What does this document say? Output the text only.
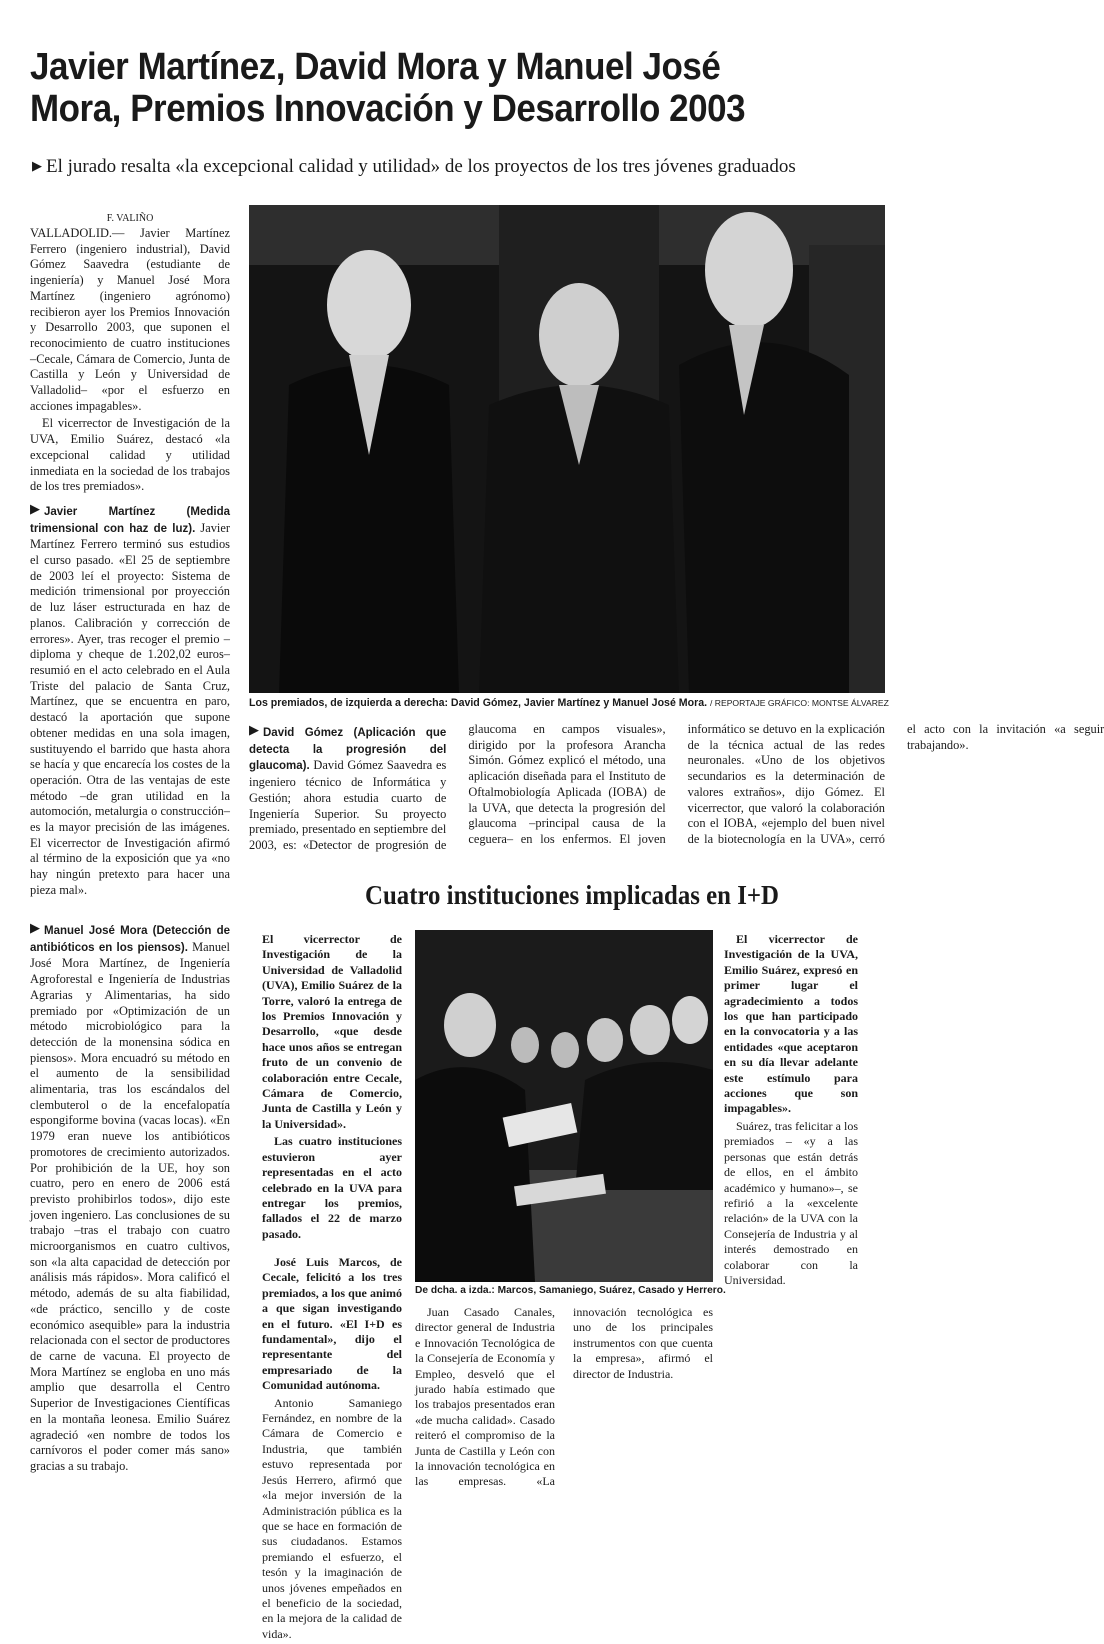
Javier Martínez, David Mora y Manuel José
Mora, Premios Innovación y Desarrollo 2003
▶ El jurado resalta «la excepcional calidad y utilidad» de los proyectos de los tres jóvenes graduados
F. VALIÑO

VALLADOLID.— Javier Martínez Ferrero (ingeniero industrial), David Gómez Saavedra (estudiante de ingeniería) y Manuel José Mora Martínez (ingeniero agrónomo) recibieron ayer los Premios Innovación y Desarrollo 2003, que suponen el reconocimiento de cuatro instituciones –Cecale, Cámara de Comercio, Junta de Castilla y León y Universidad de Valladolid– «por el esfuerzo en acciones impagables».

El vicerrector de Investigación de la UVA, Emilio Suárez, destacó «la excepcional calidad y utilidad inmediata en la sociedad de los trabajos de los tres premiados».

▶ Javier Martínez (Medida trimensional con haz de luz). Javier Martínez Ferrero terminó sus estudios el curso pasado. «El 25 de septiembre de 2003 leí el proyecto: Sistema de medición trimensional por proyección de luz láser estructurada en haz de planos. Calibración y corrección de errores». Ayer, tras recoger el premio –diploma y cheque de 1.202,02 euros– resumió en el acto celebrado en el Aula Triste del palacio de Santa Cruz, Martínez, que se encuentra en paro, destacó la aportación que supone obtener medidas en una sola imagen, sustituyendo el barrido que hasta ahora se hacía y que encarecía los costes de la operación. Otra de las ventajas de este método –de gran utilidad en la automoción, metalurgia o construcción– es la mayor precisión de las imágenes. El vicerrector de Investigación afirmó al término de la exposición que ya «no hay ningún pretexto para hacer una pieza mal».

▶ Manuel José Mora (Detección de antibióticos en los piensos). Manuel José Mora Martínez, de Ingeniería Agroforestal e Ingeniería de Industrias Agrarias y Alimentarias, ha sido premiado por «Optimización de un método microbiológico para la detección de la monensina sódica en piensos». Mora encuadró su método en el aumento de la sensibilidad alimentaria, tras los escándalos del clembuterol o de la encefalopatía espongiforme bovina (vacas locas). «En 1979 eran nueve los antibióticos promotores de crecimiento autorizados. Por prohibición de la UE, hoy son cuatro, pero en enero de 2006 está previsto prohibirlos todos», dijo este joven ingeniero. Las conclusiones de su trabajo –tras el trabajo con cuatro microorganismos en cuatro cultivos, son «la alta capacidad de detección por análisis más rápidos». Mora calificó el método, además de su alta fiabilidad, «de práctico, sencillo y de coste económico asequible» para la industria relacionada con el sector de productores de carne de vacuna. El proyecto de Mora Martínez se engloba en uno más amplio que desarrolla el Centro Superior de Investigaciones Científicas en la montaña leonesa. Emilio Suárez agradeció «en nombre de todos los carnívoros el poder comer más sano» gracias a su trabajo.

Los premiados, de izquierda a derecha: David Gómez, Javier Martínez y Manuel José Mora. / REPORTAJE GRÁFICO: MONTSE ÁLVAREZ

▶ David Gómez (Aplicación que detecta la progresión del glaucoma). David Gómez Saavedra es ingeniero técnico de Informática y Gestión; ahora estudia cuarto de Ingeniería Superior. Su proyecto premiado, presentado en septiembre del 2003, es: «Detector de progresión de glaucoma en campos visuales», dirigido por la profesora Arancha Simón. Gómez explicó el método, una aplicación diseñada para el Instituto de Oftalmobiología Aplicada (IOBA) de la UVA, que detecta la progresión del glaucoma –principal causa de la ceguera– en los enfermos. El joven informático se detuvo en la explicación de la técnica actual de las redes neuronales. «Uno de los objetivos secundarios es la determinación de valores extraños», dijo Gómez. El vicerrector, que valoró la colaboración con el IOBA, «ejemplo del buen nivel de la biotecnología en la UVA», cerró el acto con la invitación «a seguir trabajando».

Cuatro instituciones implicadas en I+D

El vicerrector de Investigación de la Universidad de Valladolid (UVA), Emilio Suárez de la Torre, valoró la entrega de los Premios Innovación y Desarrollo, «que desde hace unos años se entregan fruto de un convenio de colaboración entre Cecale, Cámara de Comercio, Junta de Castilla y León y la Universidad».

Las cuatro instituciones estuvieron ayer representadas en el acto celebrado en la UVA para entregar los premios, fallados el 22 de marzo pasado.

José Luis Marcos, de Cecale, felicitó a los tres premiados, a los que animó a que sigan investigando en el futuro. «El I+D es fundamental», dijo el representante del empresariado de la Comunidad autónoma.

Antonio Samaniego Fernández, en nombre de la Cámara de Comercio e Industria, que también estuvo representada por Jesús Herrero, afirmó que «la mejor inversión de la Administración pública es la que se hace en formación de sus ciudadanos. Estamos premiando el esfuerzo, el tesón y la imaginación de unos jóvenes empeñados en el beneficio de la sociedad, en la mejora de la calidad de vida».

De dcha. a izda.: Marcos, Samaniego, Suárez, Casado y Herrero.

Juan Casado Canales, director general de Industria e Innovación Tecnológica de la Consejería de Economía y Empleo, desveló que el jurado había estimado que los trabajos presentados eran «de mucha calidad». Casado reiteró el compromiso de la Junta de Castilla y León con la innovación tecnológica en las empresas. «La innovación tecnológica es uno de los principales instrumentos con que cuenta la empresa», afirmó el director de Industria.

El vicerrector de Investigación de la UVA, Emilio Suárez, expresó en primer lugar el agradecimiento a todos los que han participado en la convocatoria y a las entidades «que aceptaron en su día llevar adelante este estímulo para acciones que son impagables».

Suárez, tras felicitar a los premiados – «y a las personas que están detrás de ellos, en el ámbito académico y humano»–, se refirió a la «excelente relación» de la UVA con la Consejería de Industria y al interés demostrado en colaborar con la Universidad.
